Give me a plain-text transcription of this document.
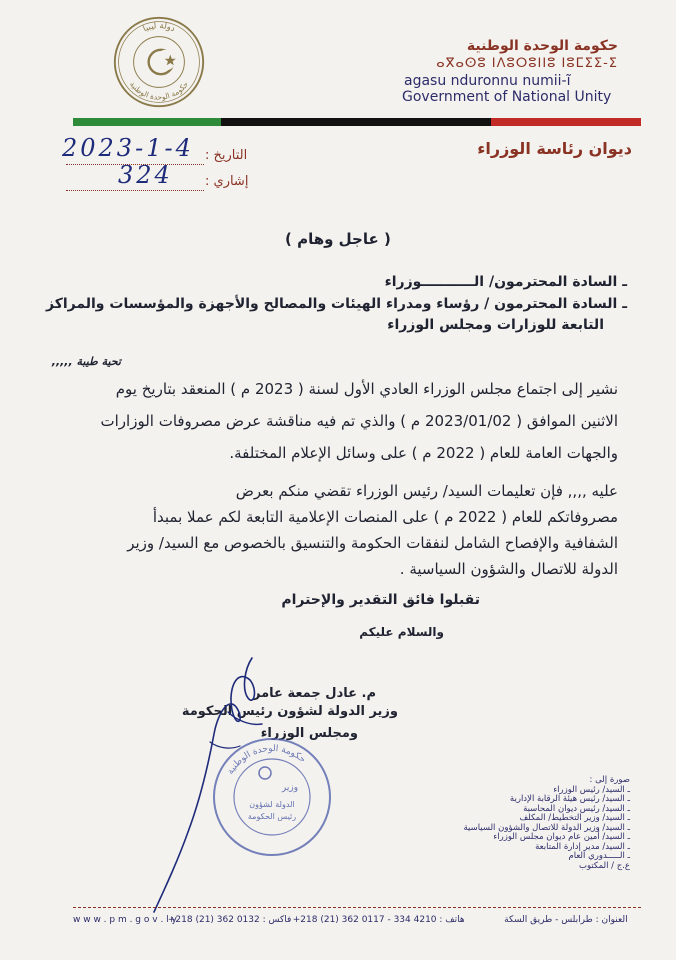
دولة ليبيا
حكومة الوحدة الوطنية
حكومة الوحدة الوطنية
ⴰⴳⴰⵙⵓ ⵏⴷⵓⵔⵓⵏⵏⵓ ⵏⵓⵎⵉⵉ-ⵉ
agasu nduronnu numii-ĩ
Government of National Unity
ديوان رئاسة الوزراء
التاريخ :
2023-1-4
إشاري :
324
( عاجل وهام )
ـ السادة المحترمون/ الـــــــــــوزراء
ـ السادة المحترمون / رؤساء ومدراء الهيئات والمصالح والأجهزة والمؤسسات والمراكز
التابعة للوزارات ومجلس الوزراء
تحية طيبة ,,,,,
نشير إلى اجتماع مجلس الوزراء العادي الأول لسنة ( 2023 م ) المنعقد بتاريخ يوم
الاثنين الموافق ( 2023/01/02 م ) والذي تم فيه مناقشة عرض مصروفات الوزارات
والجهات العامة للعام ( 2022 م ) على وسائل الإعلام المختلفة.
عليه ,,,, فإن تعليمات السيد/ رئيس الوزراء تقضي منكم بعرض
مصروفاتكم للعام ( 2022 م ) على المنصات الإعلامية التابعة لكم عملا بمبدأ
الشفافية والإفصاح الشامل لنفقات الحكومة والتنسيق بالخصوص مع السيد/ وزير
الدولة للاتصال والشؤون السياسية .
تقبلوا فائق التقدير والإحترام
والسلام عليكم
م. عادل جمعة عامر
وزير الدولة لشؤون رئيس الحكومة
ومجلس الوزراء
حكومة الوحدة الوطنية
وزير
الدولة لشؤون
رئيس الحكومة
صورة إلى :
ـ السيد/ رئيس الوزراء
ـ السيد/ رئيس هيئة الرقابة الإدارية
ـ السيد/ رئيس ديوان المحاسبة
ـ السيد/ وزير التخطيط/ المكلف
ـ السيد/ وزير الدولة للاتصال والشؤون السياسية
ـ السيد/ أمين عام ديوان مجلس الوزراء
ـ السيد/ مدير إدارة المتابعة
ـ الـــــدوري العام
ع.ج / المكتوب
w w w . p m . g o v . l y +218 (21) 362 0132 : فاكس +218 (21) 362 0117 - 334 4210 : هاتف	العنوان : طرابلس - طريق السكة
